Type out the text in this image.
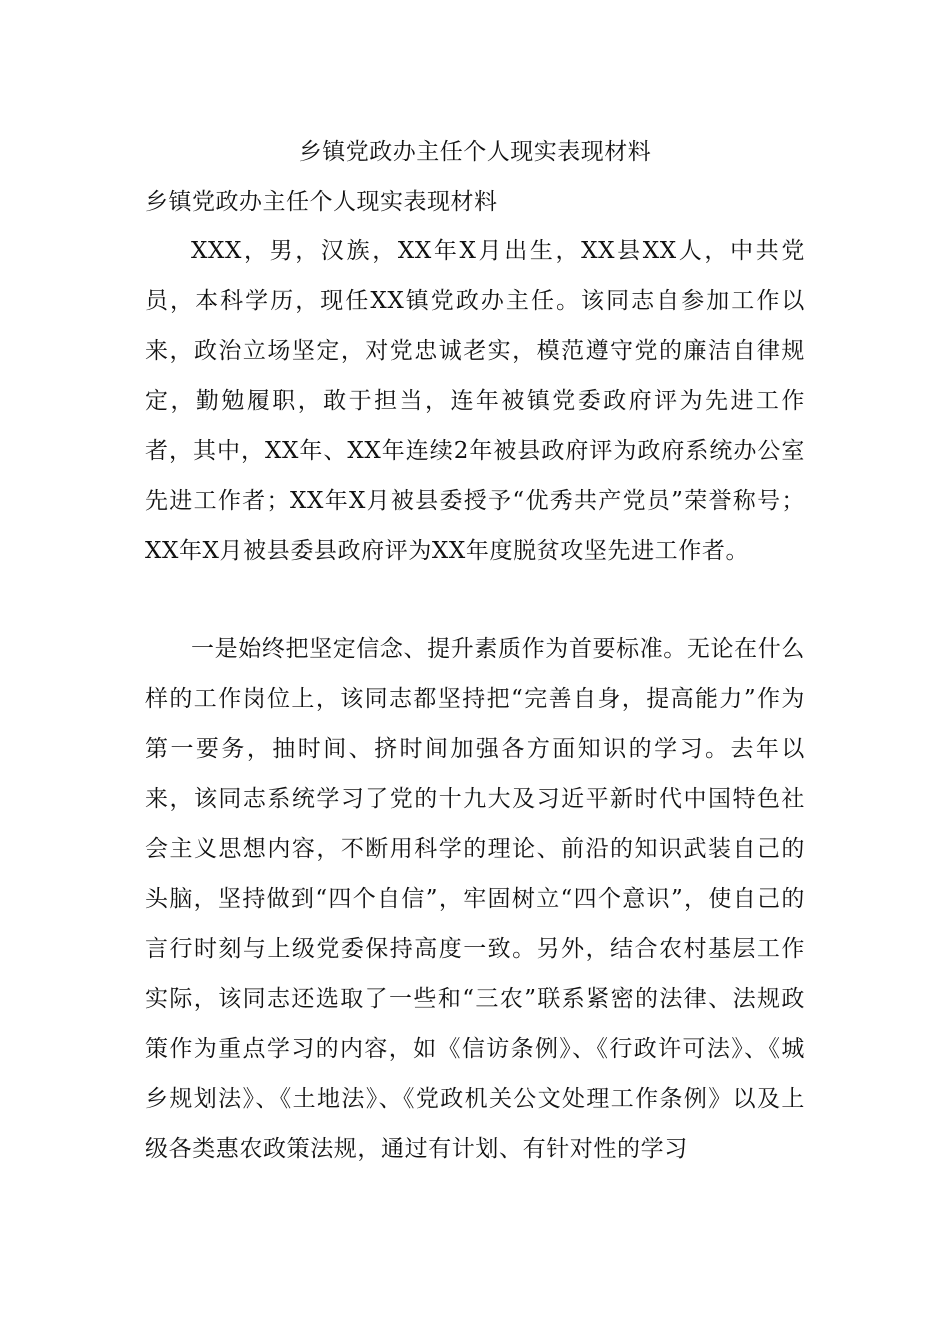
乡镇党政办主任个人现实表现材料

乡镇党政办主任个人现实表现材料

XXX，男，汉族，XX年X月出生，XX县XX人，中共党员，本科学历，现任XX镇党政办主任。该同志自参加工作以来，政治立场坚定，对党忠诚老实，模范遵守党的廉洁自律规定，勤勉履职，敢于担当，连年被镇党委政府评为先进工作者，其中，XX年、XX年连续2年被县政府评为政府系统办公室先进工作者；XX年X月被县委授予“优秀共产党员”荣誉称号；XX年X月被县委县政府评为XX年度脱贫攻坚先进工作者。

一是始终把坚定信念、提升素质作为首要标准。无论在什么样的工作岗位上，该同志都坚持把“完善自身，提高能力”作为第一要务，抽时间、挤时间加强各方面知识的学习。去年以来，该同志系统学习了党的十九大及习近平新时代中国特色社会主义思想内容，不断用科学的理论、前沿的知识武装自己的头脑，坚持做到“四个自信”，牢固树立“四个意识”，使自己的言行时刻与上级党委保持高度一致。另外，结合农村基层工作实际，该同志还选取了一些和“三农”联系紧密的法律、法规政策作为重点学习的内容，如《信访条例》、《行政许可法》、《城乡规划法》、《土地法》、《党政机关公文处理工作条例》以及上级各类惠农政策法规，通过有计划、有针对性的学习
